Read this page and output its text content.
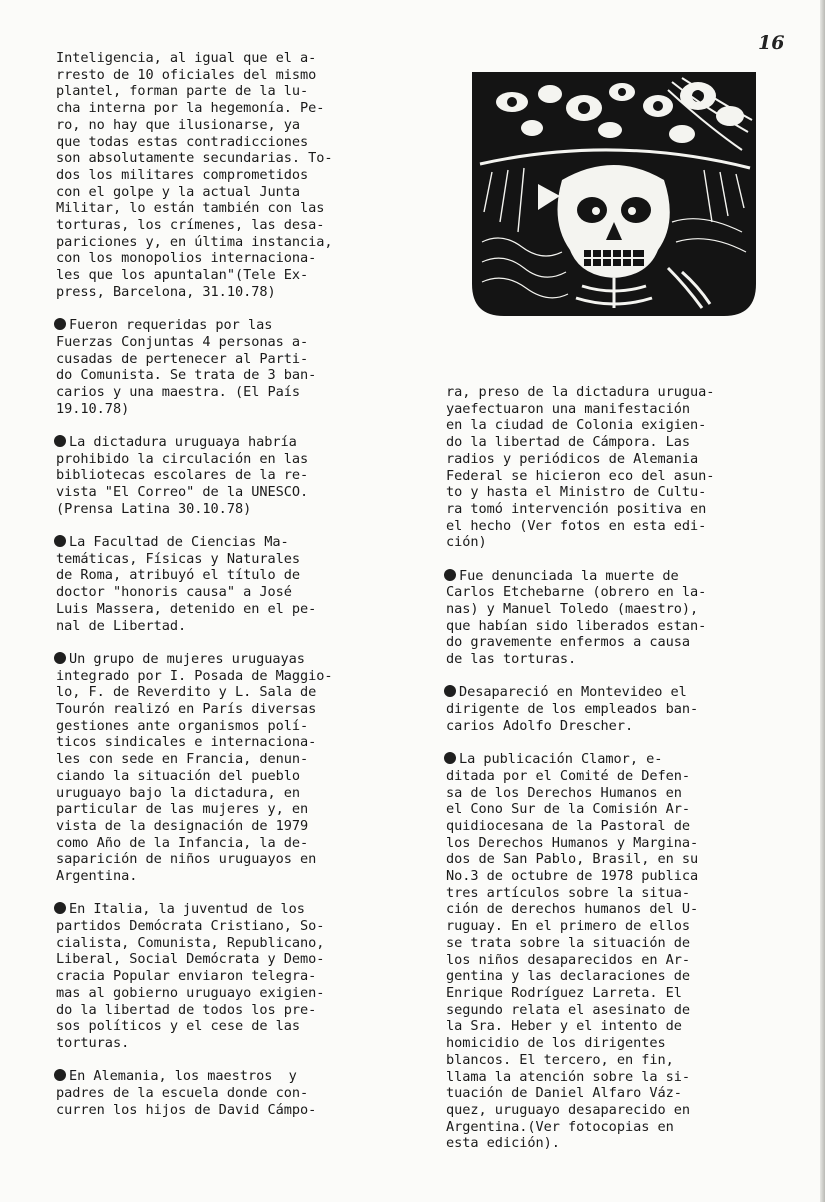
16

Inteligencia, al igual que el a-
rresto de 10 oficiales del mismo
plantel, forman parte de la lu-
cha interna por la hegemonía. Pe-
ro, no hay que ilusionarse, ya
que todas estas contradicciones
son absolutamente secundarias. To-
dos los militares comprometidos
con el golpe y la actual Junta
Militar, lo están también con las
torturas, los crímenes, las desa-
pariciones y, en última instancia,
con los monopolios internaciona-
les que los apuntalan"(Tele Ex-
press, Barcelona, 31.10.78)

Fueron requeridas por las
Fuerzas Conjuntas 4 personas a-
cusadas de pertenecer al Parti-
do Comunista. Se trata de 3 ban-
carios y una maestra. (El País
19.10.78)

La dictadura uruguaya habría
prohibido la circulación en las
bibliotecas escolares de la re-
vista "El Correo" de la UNESCO.
(Prensa Latina 30.10.78)

La Facultad de Ciencias Ma-
temáticas, Físicas y Naturales
de Roma, atribuyó el título de
doctor "honoris causa" a José
Luis Massera, detenido en el pe-
nal de Libertad.

Un grupo de mujeres uruguayas
integrado por I. Posada de Maggio-
lo, F. de Reverdito y L. Sala de
Tourón realizó en París diversas
gestiones ante organismos polí-
ticos sindicales e internaciona-
les con sede en Francia, denun-
ciando la situación del pueblo
uruguayo bajo la dictadura, en
particular de las mujeres y, en
vista de la designación de 1979
como Año de la Infancia, la de-
saparición de niños uruguayos en
Argentina.

En Italia, la juventud de los
partidos Demócrata Cristiano, So-
cialista, Comunista, Republicano,
Liberal, Social Demócrata y Demo-
cracia Popular enviaron telegra-
mas al gobierno uruguayo exigien-
do la libertad de todos los pre-
sos políticos y el cese de las
torturas.

En Alemania, los maestros  y
padres de la escuela donde con-
curren los hijos de David Cámpo-

ra, preso de la dictadura urugua-
yaefectuaron una manifestación
en la ciudad de Colonia exigien-
do la libertad de Cámpora. Las
radios y periódicos de Alemania
Federal se hicieron eco del asun-
to y hasta el Ministro de Cultu-
ra tomó intervención positiva en
el hecho (Ver fotos en esta edi-
ción)

Fue denunciada la muerte de
Carlos Etchebarne (obrero en la-
nas) y Manuel Toledo (maestro),
que habían sido liberados estan-
do gravemente enfermos a causa
de las torturas.

Desapareció en Montevideo el
dirigente de los empleados ban-
carios Adolfo Drescher.

La publicación Clamor, e-
ditada por el Comité de Defen-
sa de los Derechos Humanos en
el Cono Sur de la Comisión Ar-
quidiocesana de la Pastoral de
los Derechos Humanos y Margina-
dos de San Pablo, Brasil, en su
No.3 de octubre de 1978 publica
tres artículos sobre la situa-
ción de derechos humanos del U-
ruguay. En el primero de ellos
se trata sobre la situación de
los niños desaparecidos en Ar-
gentina y las declaraciones de
Enrique Rodríguez Larreta. El
segundo relata el asesinato de
la Sra. Heber y el intento de
homicidio de los dirigentes
blancos. El tercero, en fin,
llama la atención sobre la si-
tuación de Daniel Alfaro Váz-
quez, uruguayo desaparecido en
Argentina.(Ver fotocopias en
esta edición).
